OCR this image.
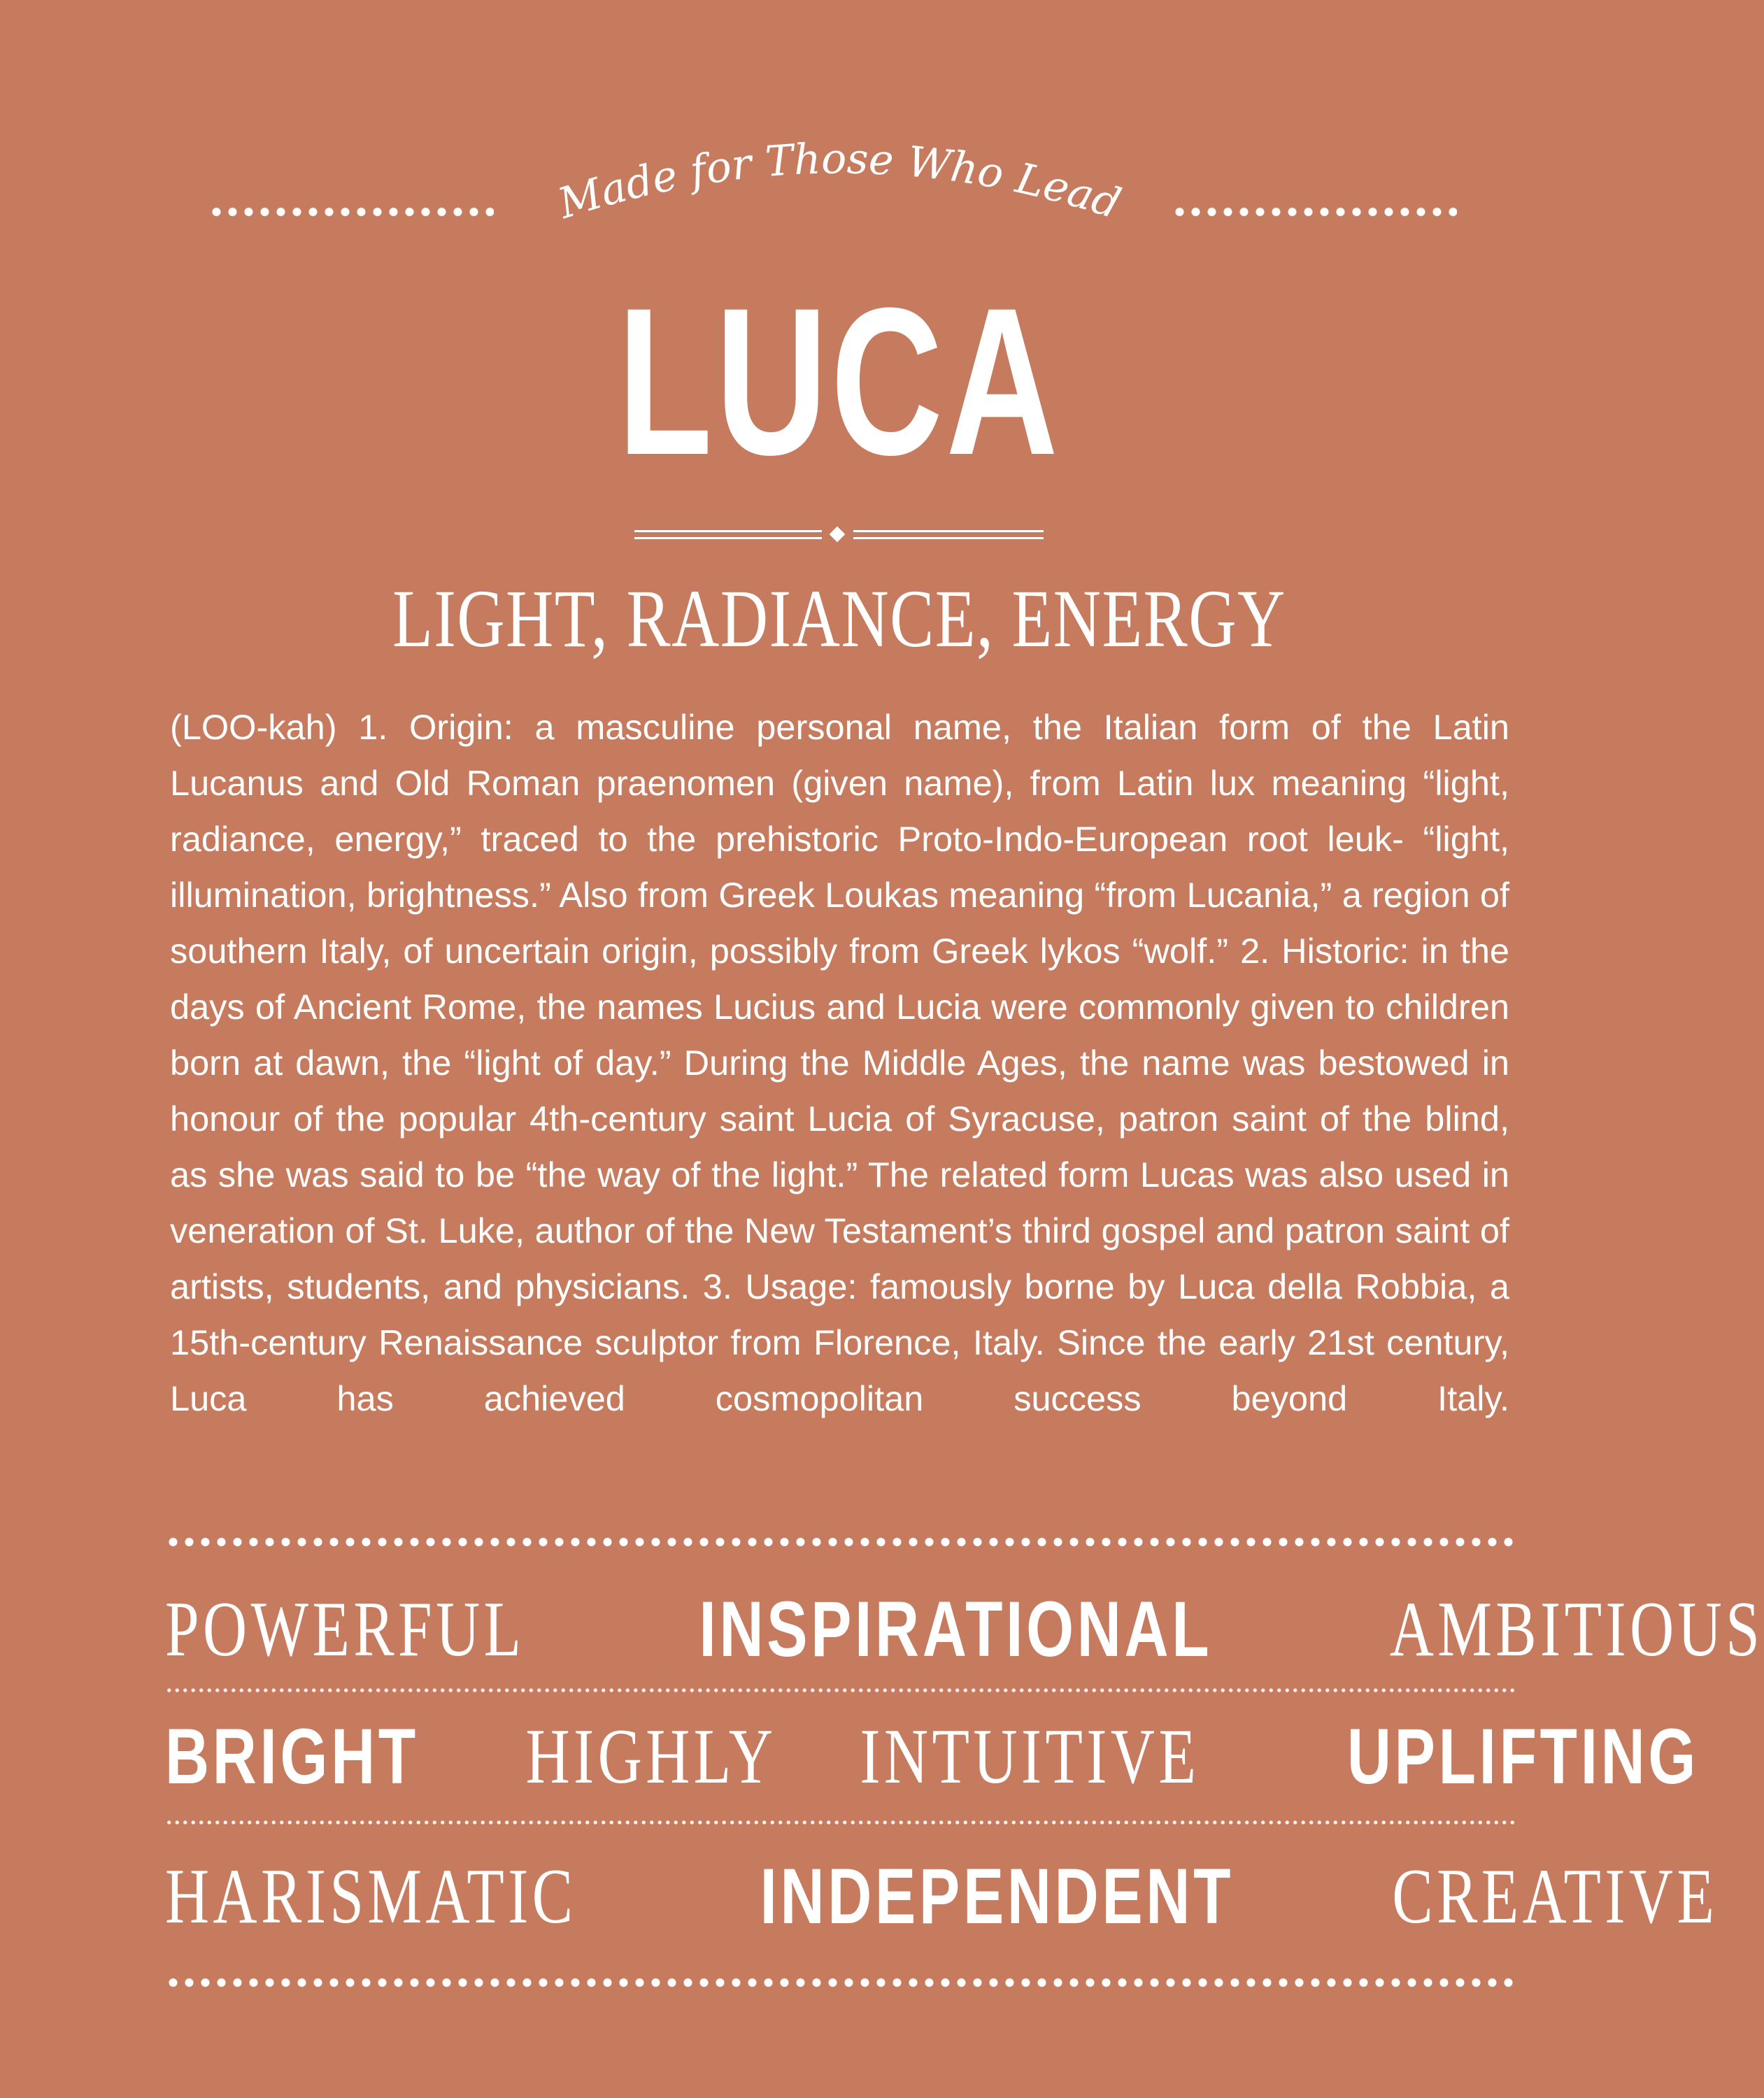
Made for Those Who Lead
LUCA
LIGHT, RADIANCE, ENERGY

(LOO-kah) 1. Origin: a masculine personal name, the Italian form of the Latin Lucanus and Old Roman praenomen (given name), from Latin lux meaning “light, radiance, energy,” traced to the prehistoric Proto-Indo-European root leuk- “light, illumination, brightness.” Also from Greek Loukas meaning “from Lucania,” a region of southern Italy, of uncertain origin, possibly from Greek lykos “wolf.” 2. Historic: in the days of Ancient Rome, the names Lucius and Lucia were commonly given to children born at dawn, the “light of day.” During the Middle Ages, the name was bestowed in honour of the popular 4th-century saint Lucia of Syracuse, patron saint of the blind, as she was said to be “the way of the light.” The related form Lucas was also used in veneration of St. Luke, author of the New Testament’s third gospel and patron saint of artists, students, and physicians. 3. Usage: famously borne by Luca della Robbia, a 15th-century Renaissance sculptor from Florence, Italy. Since the early 21st century, Luca has achieved cosmopolitan success beyond Italy.

POWERFUL INSPIRATIONAL AMBITIOUS
BRIGHT HIGHLY INTUITIVE UPLIFTING
HARISMATIC INDEPENDENT CREATIVE
